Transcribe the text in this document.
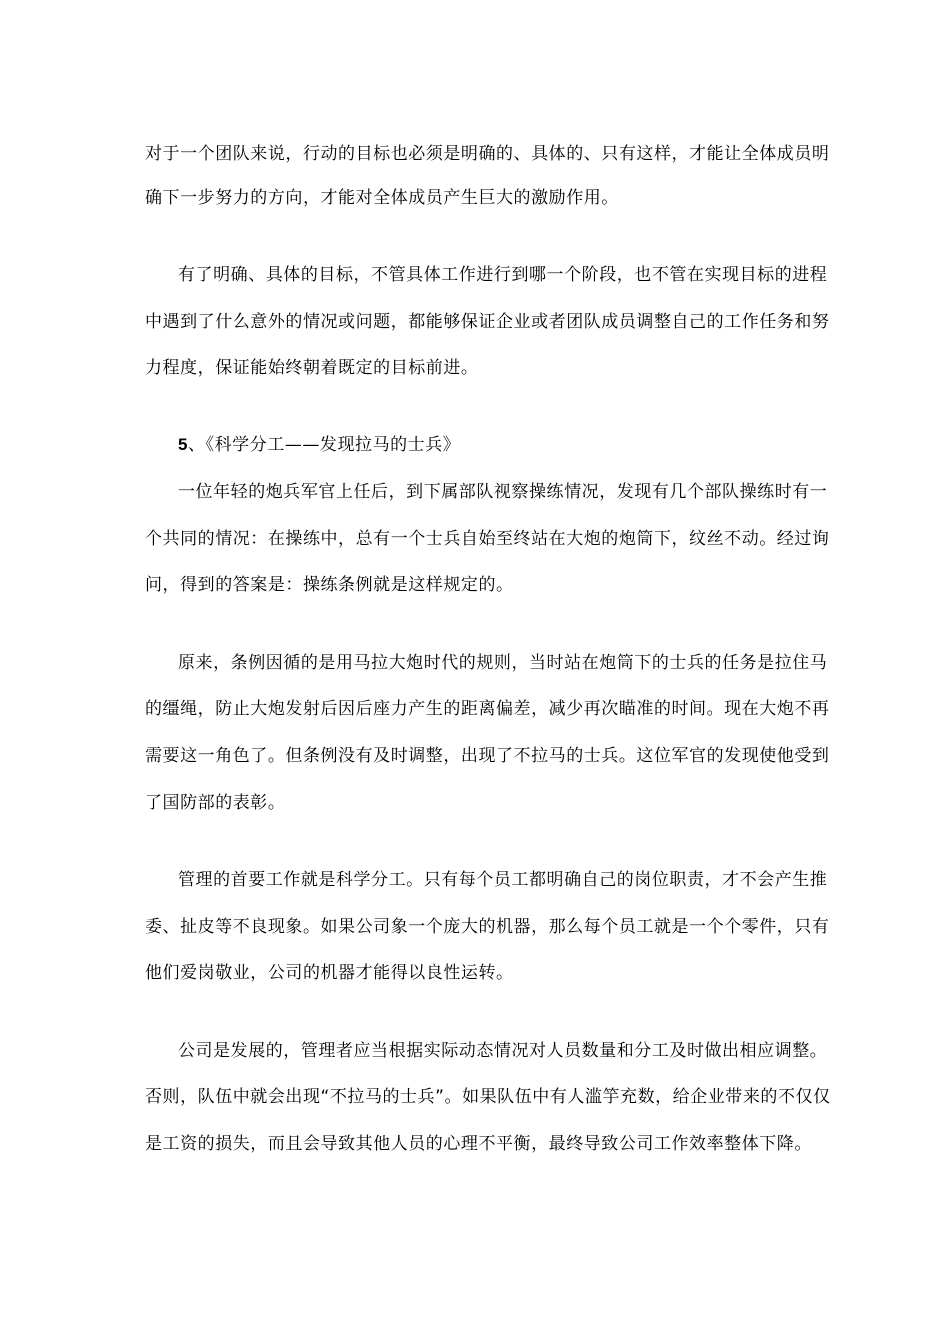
对于一个团队来说，行动的目标也必须是明确的、具体的、只有这样，才能让全体成员明
确下一步努力的方向，才能对全体成员产生巨大的激励作用。
有了明确、具体的目标，不管具体工作进行到哪一个阶段，也不管在实现目标的进程
中遇到了什么意外的情况或问题，都能够保证企业或者团队成员调整自己的工作任务和努
力程度，保证能始终朝着既定的目标前进。
5、《科学分工——发现拉马的士兵》
一位年轻的炮兵军官上任后，到下属部队视察操练情况，发现有几个部队操练时有一
个共同的情况：在操练中，总有一个士兵自始至终站在大炮的炮筒下，纹丝不动。经过询
问，得到的答案是：操练条例就是这样规定的。
原来，条例因循的是用马拉大炮时代的规则，当时站在炮筒下的士兵的任务是拉住马
的缰绳，防止大炮发射后因后座力产生的距离偏差，减少再次瞄准的时间。现在大炮不再
需要这一角色了。但条例没有及时调整，出现了不拉马的士兵。这位军官的发现使他受到
了国防部的表彰。
管理的首要工作就是科学分工。只有每个员工都明确自己的岗位职责，才不会产生推
委、扯皮等不良现象。如果公司象一个庞大的机器，那么每个员工就是一个个零件，只有
他们爱岗敬业，公司的机器才能得以良性运转。
公司是发展的，管理者应当根据实际动态情况对人员数量和分工及时做出相应调整。
否则，队伍中就会出现“不拉马的士兵”。如果队伍中有人滥竽充数，给企业带来的不仅仅
是工资的损失，而且会导致其他人员的心理不平衡，最终导致公司工作效率整体下降。
